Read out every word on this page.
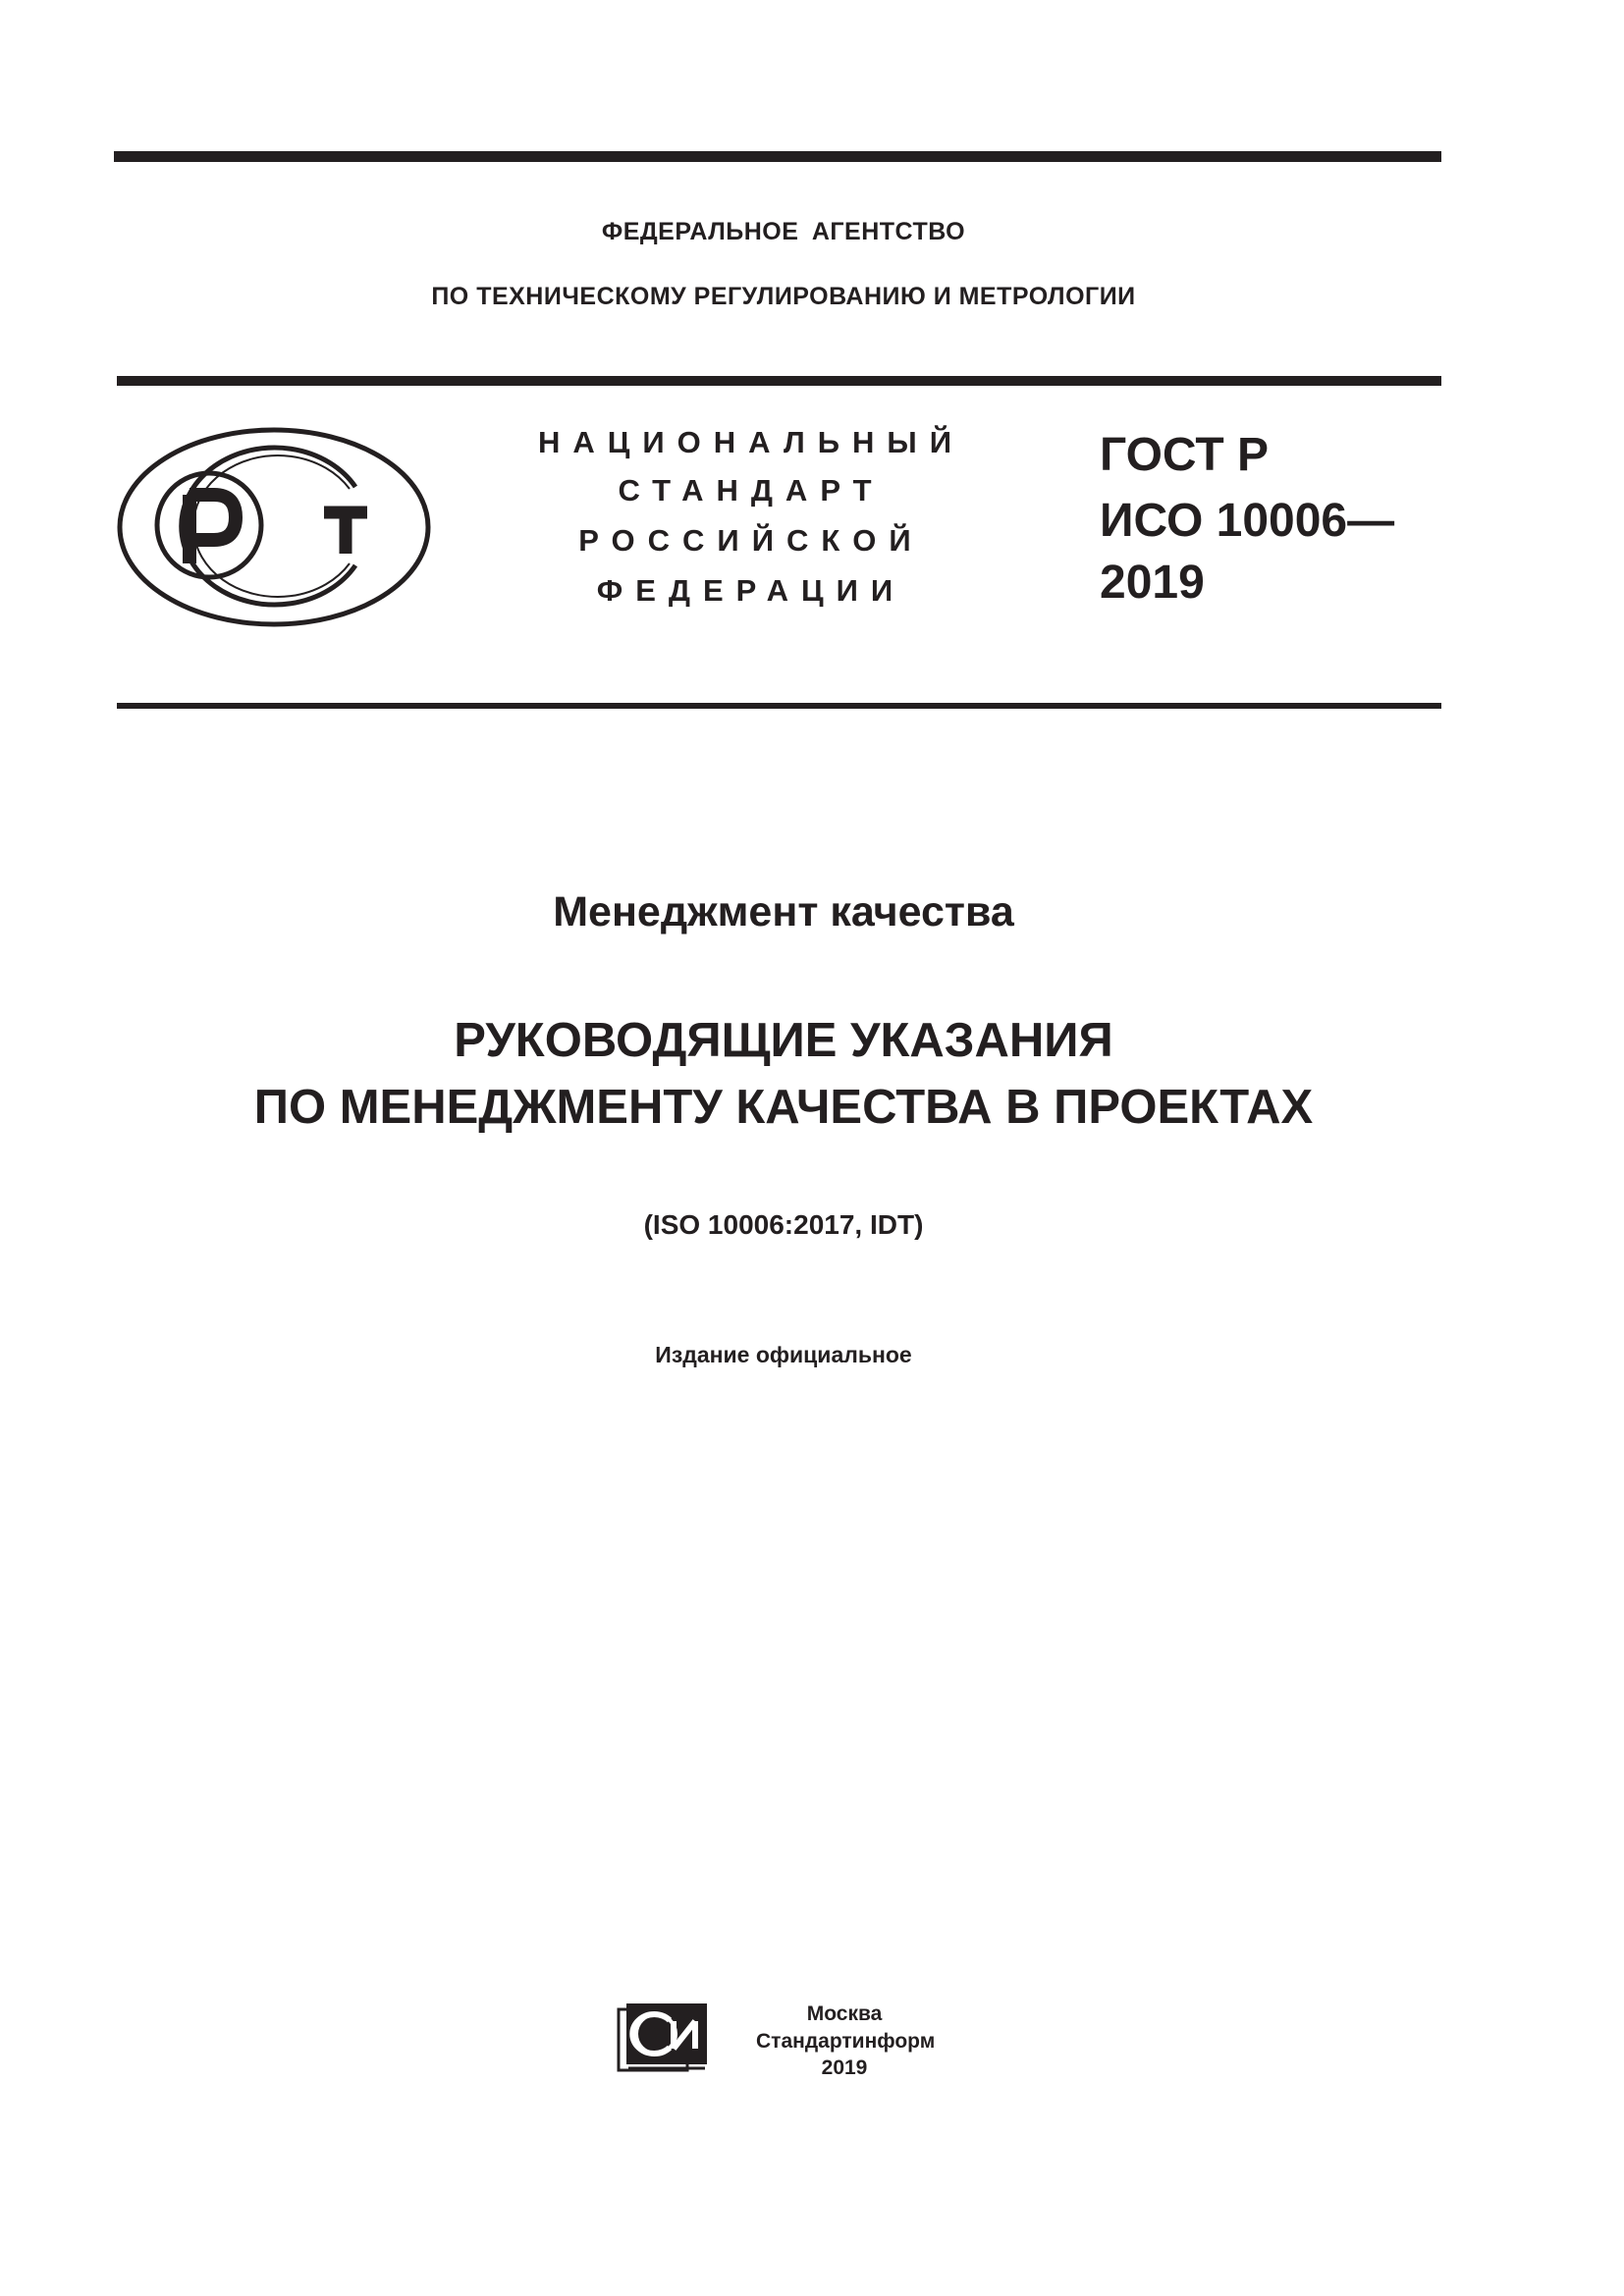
ФЕДЕРАЛЬНОЕ АГЕНТСТВО
ПО ТЕХНИЧЕСКОМУ РЕГУЛИРОВАНИЮ И МЕТРОЛОГИИ
НАЦИОНАЛЬНЫЙ
СТАНДАРТ
РОССИЙСКОЙ
ФЕДЕРАЦИИ
ГОСТ Р
ИСО 10006—
2019
Менеджмент качества
РУКОВОДЯЩИЕ УКАЗАНИЯ
ПО МЕНЕДЖМЕНТУ КАЧЕСТВА В ПРОЕКТАХ
(ISO 10006:2017, IDT)
Издание официальное
Москва
Стандартинформ
2019
